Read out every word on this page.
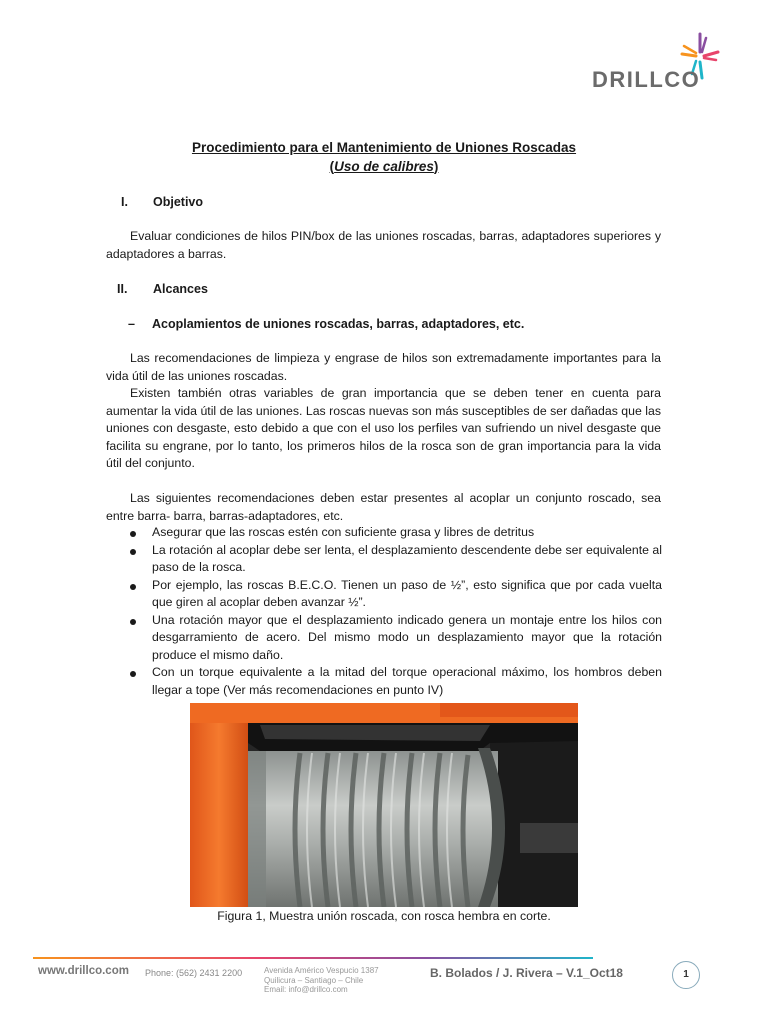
DRILLCO
Procedimiento para el Mantenimiento de Uniones Roscadas
(Uso de calibres)
I. Objetivo
Evaluar condiciones de hilos PIN/box de las uniones roscadas, barras, adaptadores superiores y adaptadores a barras.
II. Alcances
– Acoplamientos de uniones roscadas, barras, adaptadores, etc.
Las recomendaciones de limpieza y engrase de hilos son extremadamente importantes para la vida útil de las uniones roscadas.
Existen también otras variables de gran importancia que se deben tener en cuenta para aumentar la vida útil de las uniones. Las roscas nuevas son más susceptibles de ser dañadas que las uniones con desgaste, esto debido a que con el uso los perfiles van sufriendo un nivel desgaste que facilita su engrane, por lo tanto, los primeros hilos de la rosca son de gran importancia para la vida útil del conjunto.
Las siguientes recomendaciones deben estar presentes al acoplar un conjunto roscado, sea entre barra- barra, barras-adaptadores, etc.
Asegurar que las roscas estén con suficiente grasa y libres de detritus
La rotación al acoplar debe ser lenta, el desplazamiento descendente debe ser equivalente al paso de la rosca.
Por ejemplo, las roscas B.E.C.O. Tienen un paso de ½”, esto significa que por cada vuelta que giren al acoplar deben avanzar ½”.
Una rotación mayor que el desplazamiento indicado genera un montaje entre los hilos con desgarramiento de acero. Del mismo modo un desplazamiento mayor que la rotación produce el mismo daño.
Con un torque equivalente a la mitad del torque operacional máximo, los hombros deben llegar a tope (Ver más recomendaciones en punto IV)
Figura 1, Muestra unión roscada, con rosca hembra en corte.
www.drillco.com Phone: (562) 2431 2200	Avenida Américo Vespucio 1387
Quilicura – Santiago – Chile
Email: info@drillco.com
B. Bolados / J. Rivera – V.1_Oct18	1
